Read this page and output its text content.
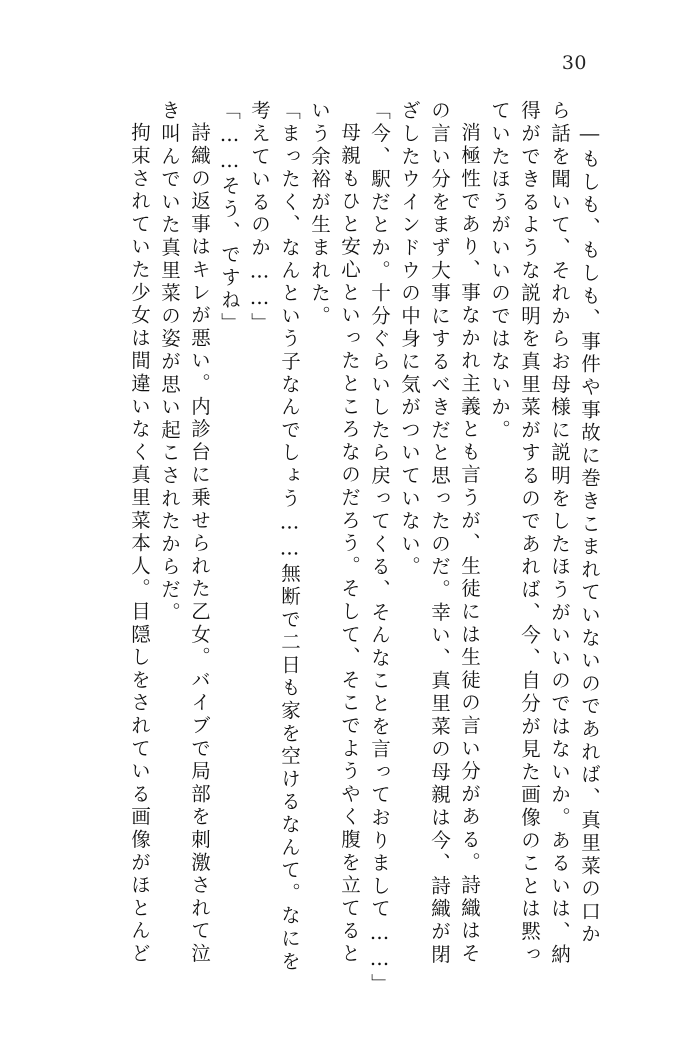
30
―もしも、もしも、事件や事故に巻きこまれていないのであれば、真里菜の口か
ら話を聞いて、それからお母様に説明をしたほうがいいのではないか。あるいは、納
得ができるような説明を真里菜がするのであれば、今、自分が見た画像のことは黙っ
ていたほうがいいのではないか。
消極性であり、事なかれ主義とも言うが、生徒には生徒の言い分がある。詩織はそ
の言い分をまず大事にするべきだと思ったのだ。幸い、真里菜の母親は今、詩織が閉
ざしたウインドウの中身に気がついていない。
「今、駅だとか。十分ぐらいしたら戻ってくる、そんなことを言っておりまして……」
母親もひと安心といったところなのだろう。そして、そこでようやく腹を立てると
いう余裕が生まれた。
「まったく、なんという子なんでしょう……無断で二日も家を空けるなんて。なにを
考えているのか……」
「……そう、ですね」
詩織の返事はキレが悪い。内診台に乗せられた乙女。バイブで局部を刺激されて泣
き叫んでいた真里菜の姿が思い起こされたからだ。
拘束されていた少女は間違いなく真里菜本人。目隠しをされている画像がほとんど
